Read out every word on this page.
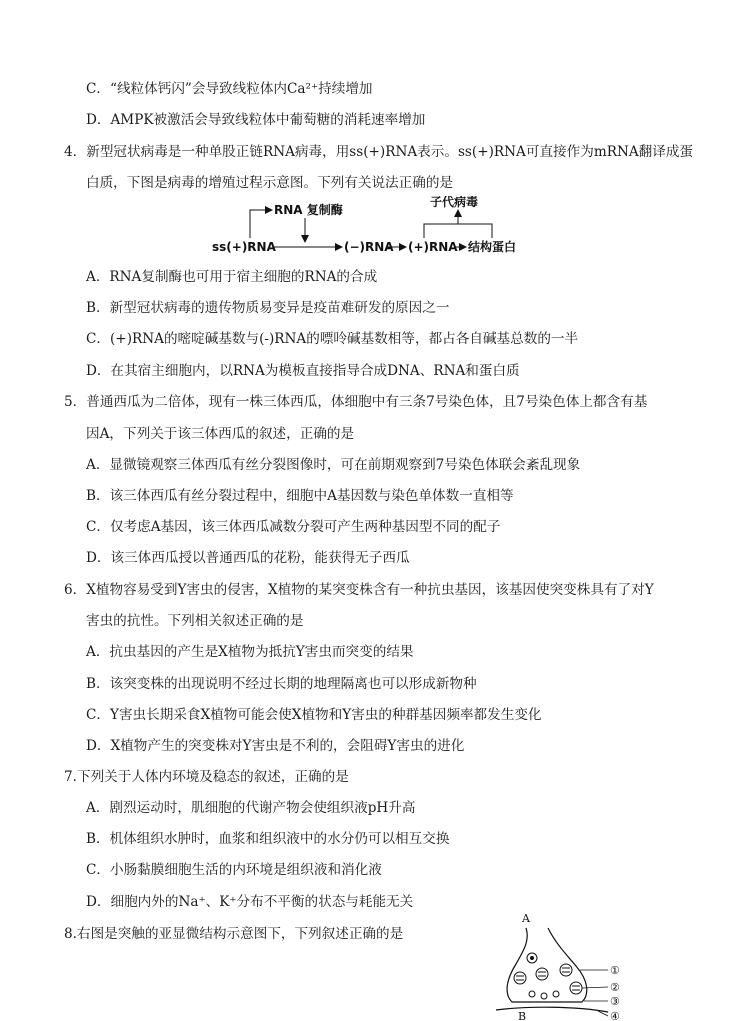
C．“线粒体钙闪”会导致线粒体内Ca²⁺持续增加
D．AMPK被激活会导致线粒体中葡萄糖的消耗速率增加
4．新型冠状病毒是一种单股正链RNA病毒，用ss(+)RNA表示。ss(+)RNA可直接作为mRNA翻译成蛋
白质，下图是病毒的增殖过程示意图。下列有关说法正确的是
ss(+)RNA
RNA 复制酶
(−)RNA (+)RNA 结构蛋白
子代病毒
A．RNA复制酶也可用于宿主细胞的RNA的合成
B．新型冠状病毒的遗传物质易变异是疫苗难研发的原因之一
C．(+)RNA的嘧啶碱基数与(-)RNA的嘌呤碱基数相等，都占各自碱基总数的一半
D．在其宿主细胞内，以RNA为模板直接指导合成DNA、RNA和蛋白质
5．普通西瓜为二倍体，现有一株三体西瓜，体细胞中有三条7号染色体，且7号染色体上都含有基
因A，下列关于该三体西瓜的叙述，正确的是
A．显微镜观察三体西瓜有丝分裂图像时，可在前期观察到7号染色体联会紊乱现象
B．该三体西瓜有丝分裂过程中，细胞中A基因数与染色单体数一直相等
C．仅考虑A基因，该三体西瓜减数分裂可产生两种基因型不同的配子
D．该三体西瓜授以普通西瓜的花粉，能获得无子西瓜
6．X植物容易受到Y害虫的侵害，X植物的某突变株含有一种抗虫基因，该基因使突变株具有了对Y
害虫的抗性。下列相关叙述正确的是
A．抗虫基因的产生是X植物为抵抗Y害虫而突变的结果
B．该突变株的出现说明不经过长期的地理隔离也可以形成新物种
C．Y害虫长期采食X植物可能会使X植物和Y害虫的种群基因频率都发生变化
D．X植物产生的突变株对Y害虫是不利的，会阻碍Y害虫的进化
7.下列关于人体内环境及稳态的叙述，正确的是
A．剧烈运动时，肌细胞的代谢产物会使组织液pH升高
B．机体组织水肿时，血浆和组织液中的水分仍可以相互交换
C．小肠黏膜细胞生活的内环境是组织液和消化液
D．细胞内外的Na⁺、K⁺分布不平衡的状态与耗能无关
8.右图是突触的亚显微结构示意图下，下列叙述正确的是
A
B
①
②
③
④
